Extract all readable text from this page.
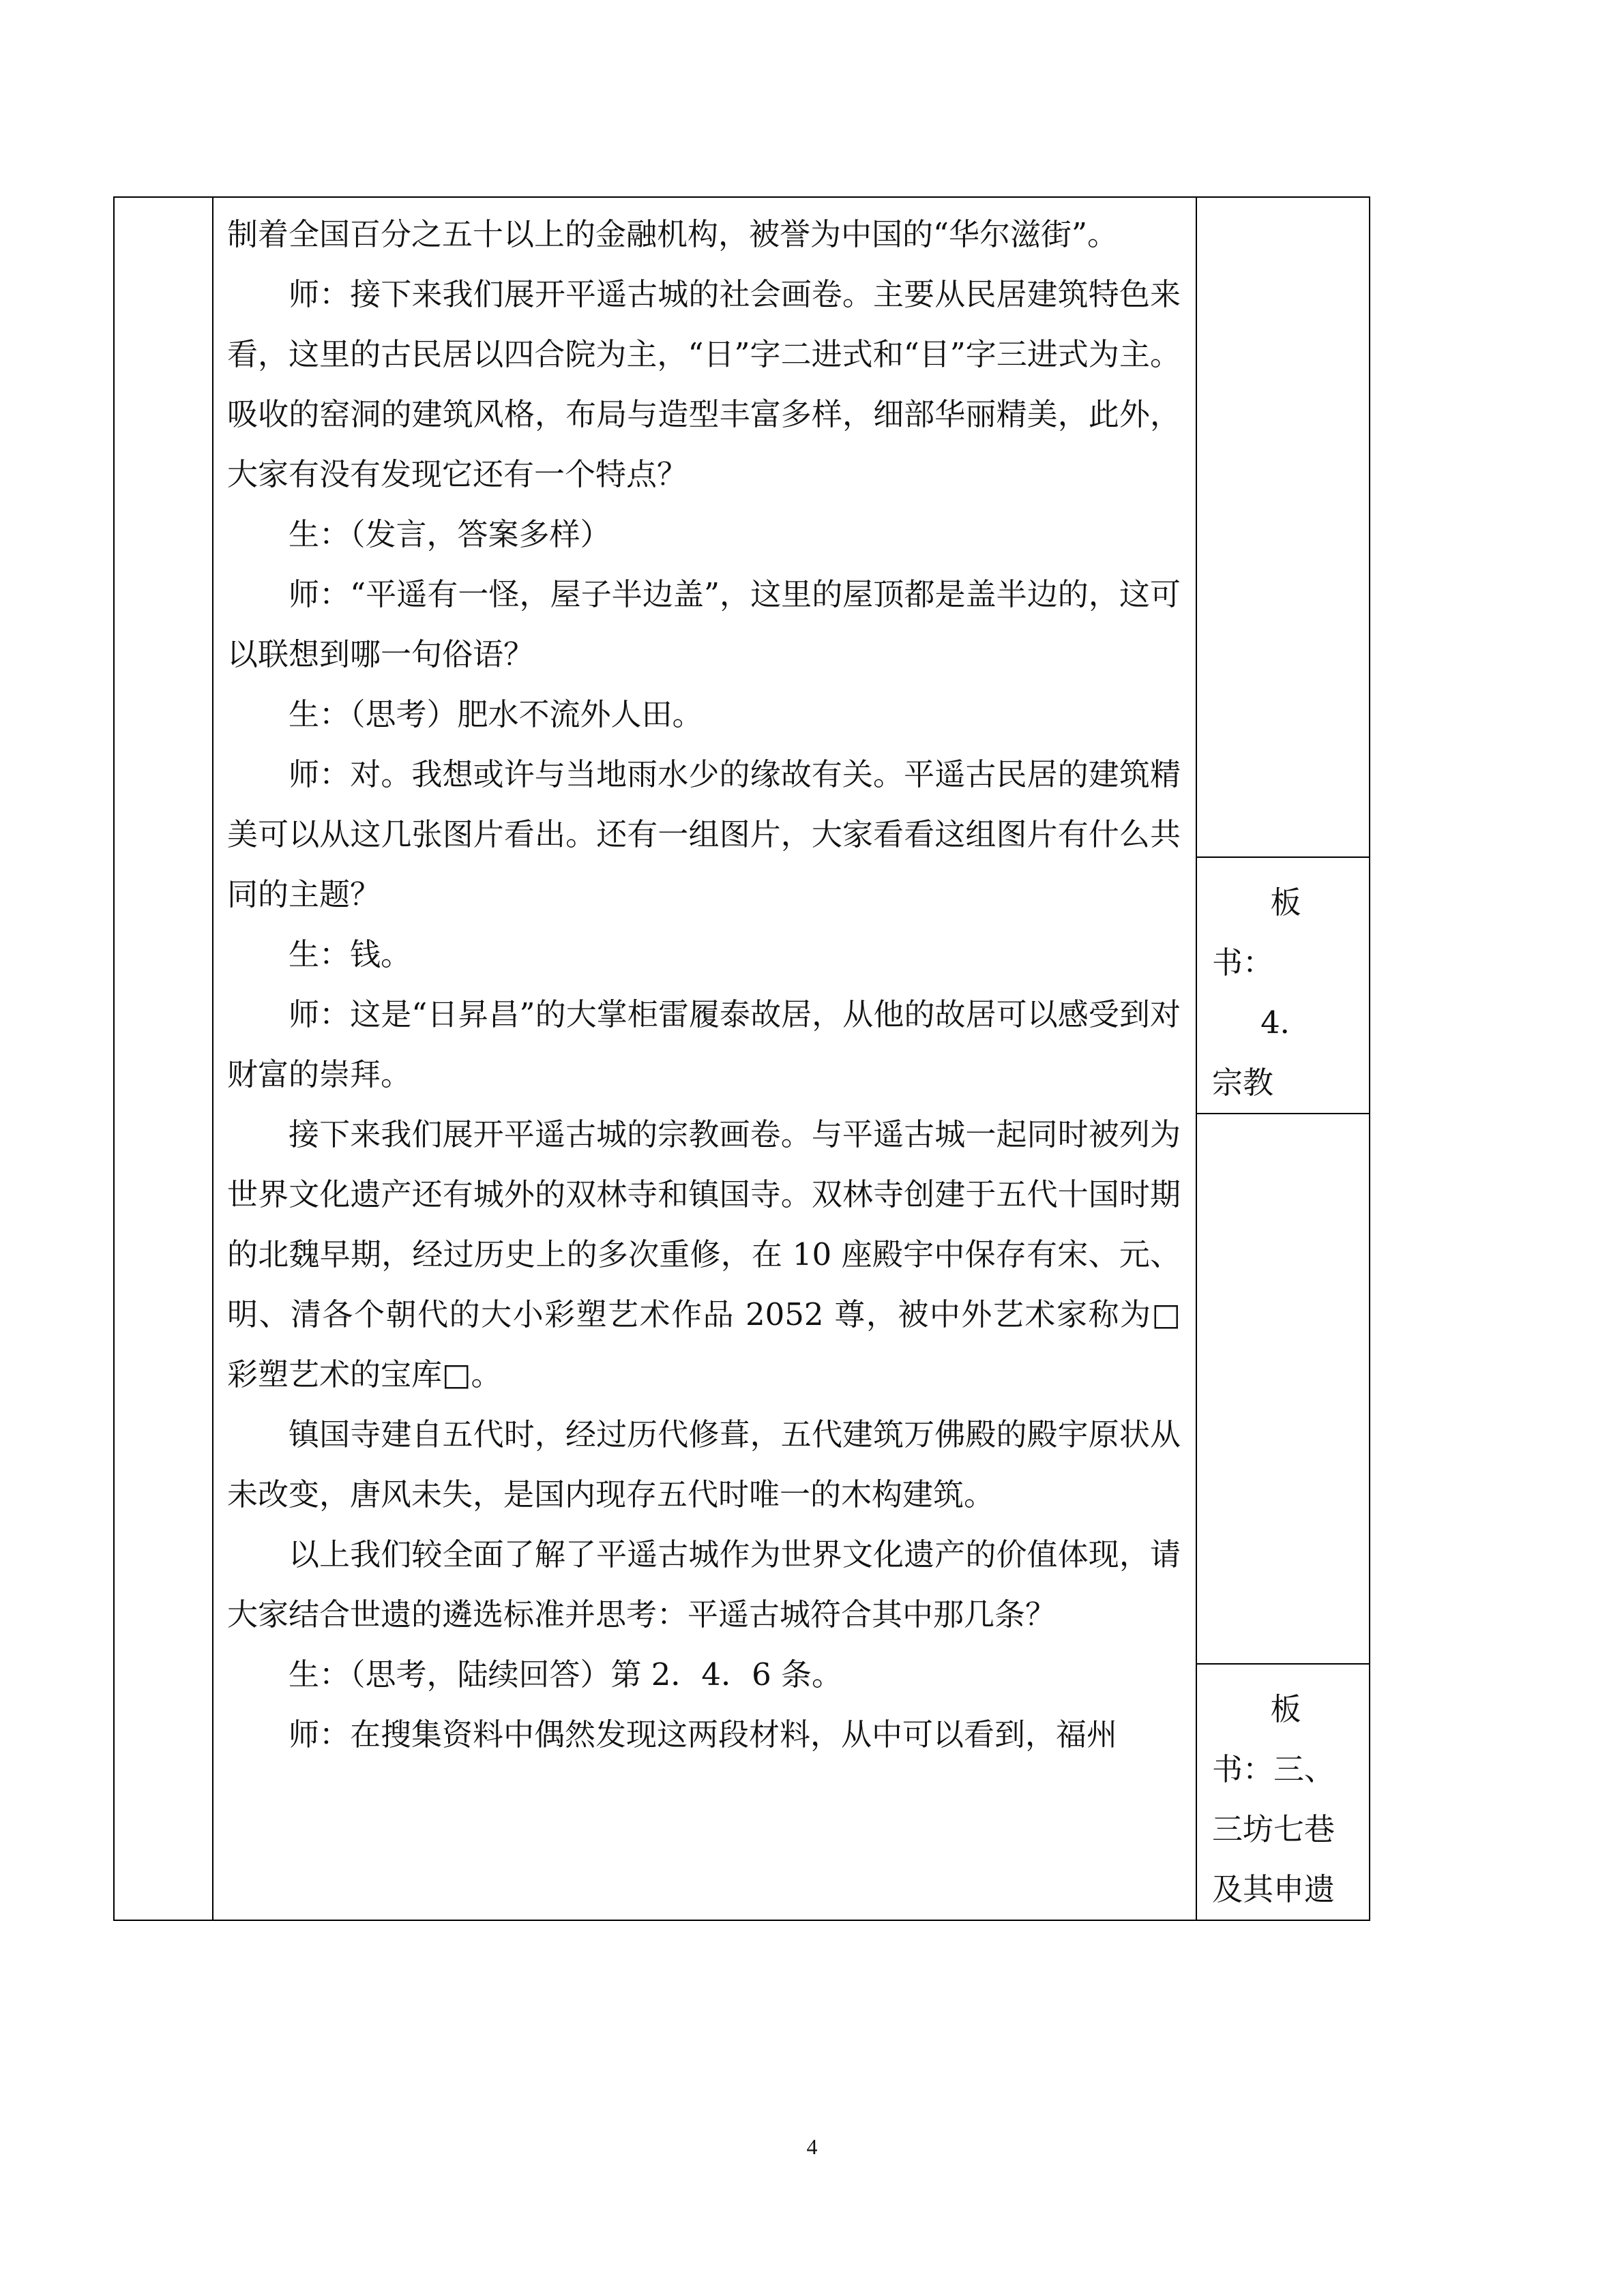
制着全国百分之五十以上的金融机构，被誉为中国的“华尔滋街”。

师：接下来我们展开平遥古城的社会画卷。主要从民居建筑特色来看，这里的古民居以四合院为主，“日”字二进式和“目”字三进式为主。吸收的窑洞的建筑风格，布局与造型丰富多样，细部华丽精美，此外，大家有没有发现它还有一个特点？

生：（发言，答案多样）

师：“平遥有一怪，屋子半边盖”，这里的屋顶都是盖半边的，这可以联想到哪一句俗语？

生：（思考）肥水不流外人田。

师：对。我想或许与当地雨水少的缘故有关。平遥古民居的建筑精美可以从这几张图片看出。还有一组图片，大家看看这组图片有什么共同的主题？

生：钱。

师：这是“日昇昌”的大掌柜雷履泰故居，从他的故居可以感受到对财富的崇拜。

接下来我们展开平遥古城的宗教画卷。与平遥古城一起同时被列为世界文化遗产还有城外的双林寺和镇国寺。双林寺创建于五代十国时期的北魏早期，经过历史上的多次重修，在 10 座殿宇中保存有宋、元、明、清各个朝代的大小彩塑艺术作品 2052 尊，被中外艺术家称为□彩塑艺术的宝库□。

镇国寺建自五代时，经过历代修葺，五代建筑万佛殿的殿宇原状从未改变，唐风未失，是国内现存五代时唯一的木构建筑。

以上我们较全面了解了平遥古城作为世界文化遗产的价值体现，请大家结合世遗的遴选标准并思考：平遥古城符合其中那几条？

生：（思考，陆续回答）第 2．4．6 条。

师：在搜集资料中偶然发现这两段材料，从中可以看到，福州

板
书：
4．
宗教

板
书：三、
三坊七巷
及其申遗
4
